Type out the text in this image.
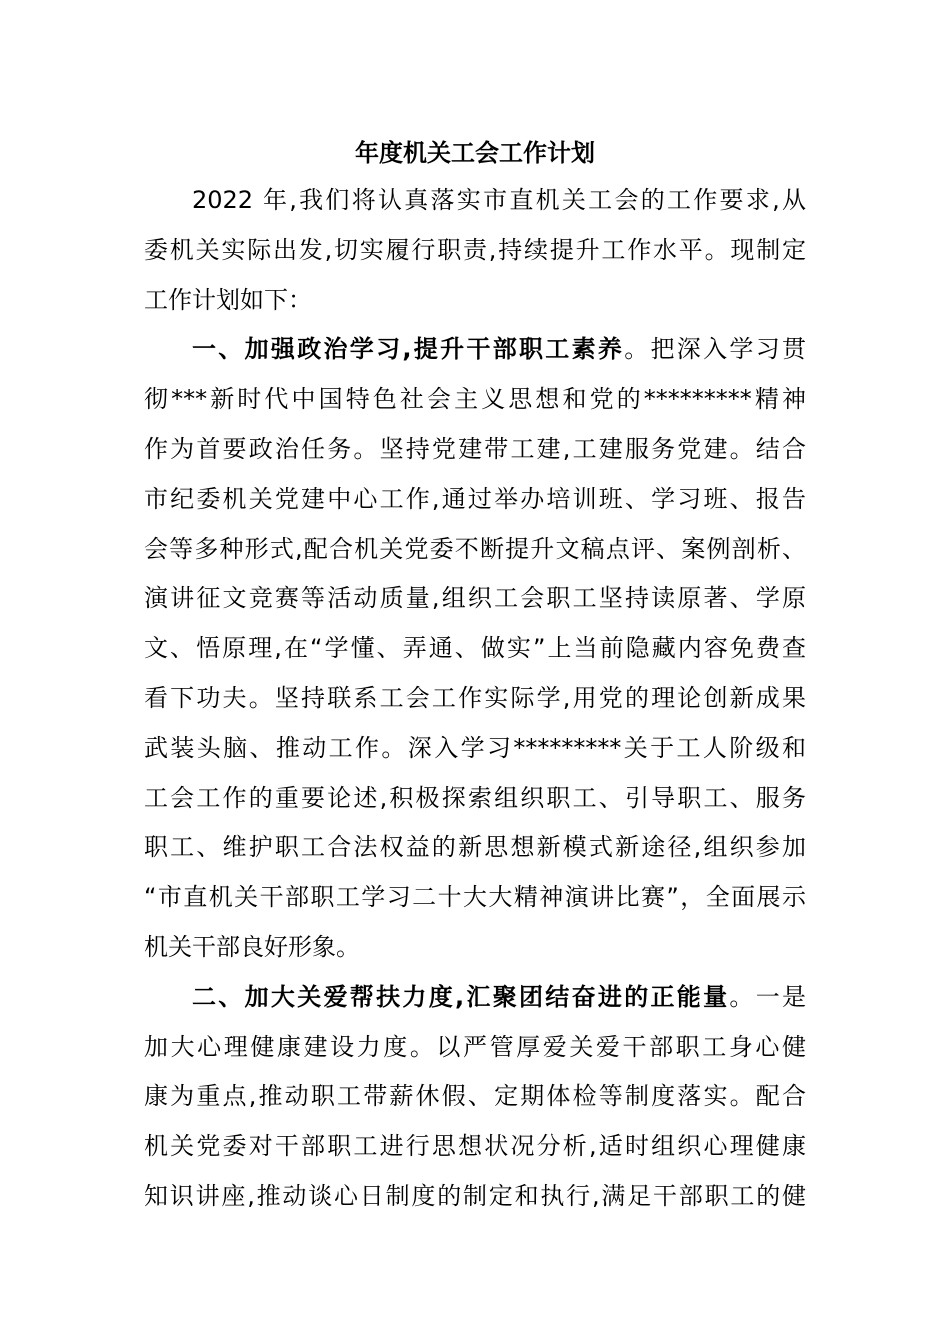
年度机关工会工作计划
2022 年,我们将认真落实市直机关工会的工作要求,从
委机关实际出发,切实履行职责,持续提升工作水平。现制定
工作计划如下：
一、加强政治学习,提升干部职工素养。把深入学习贯
彻***新时代中国特色社会主义思想和党的*********精神
作为首要政治任务。坚持党建带工建,工建服务党建。结合
市纪委机关党建中心工作,通过举办培训班、学习班、报告
会等多种形式,配合机关党委不断提升文稿点评、案例剖析、
演讲征文竞赛等活动质量,组织工会职工坚持读原著、学原
文、悟原理,在“学懂、弄通、做实”上当前隐藏内容免费查
看下功夫。坚持联系工会工作实际学,用党的理论创新成果
武装头脑、推动工作。深入学习*********关于工人阶级和
工会工作的重要论述,积极探索组织职工、引导职工、服务
职工、维护职工合法权益的新思想新模式新途径,组织参加
“市直机关干部职工学习二十大大精神演讲比赛”，全面展示
机关干部良好形象。
二、加大关爱帮扶力度,汇聚团结奋进的正能量。一是
加大心理健康建设力度。以严管厚爱关爱干部职工身心健
康为重点,推动职工带薪休假、定期体检等制度落实。配合
机关党委对干部职工进行思想状况分析,适时组织心理健康
知识讲座,推动谈心日制度的制定和执行,满足干部职工的健
